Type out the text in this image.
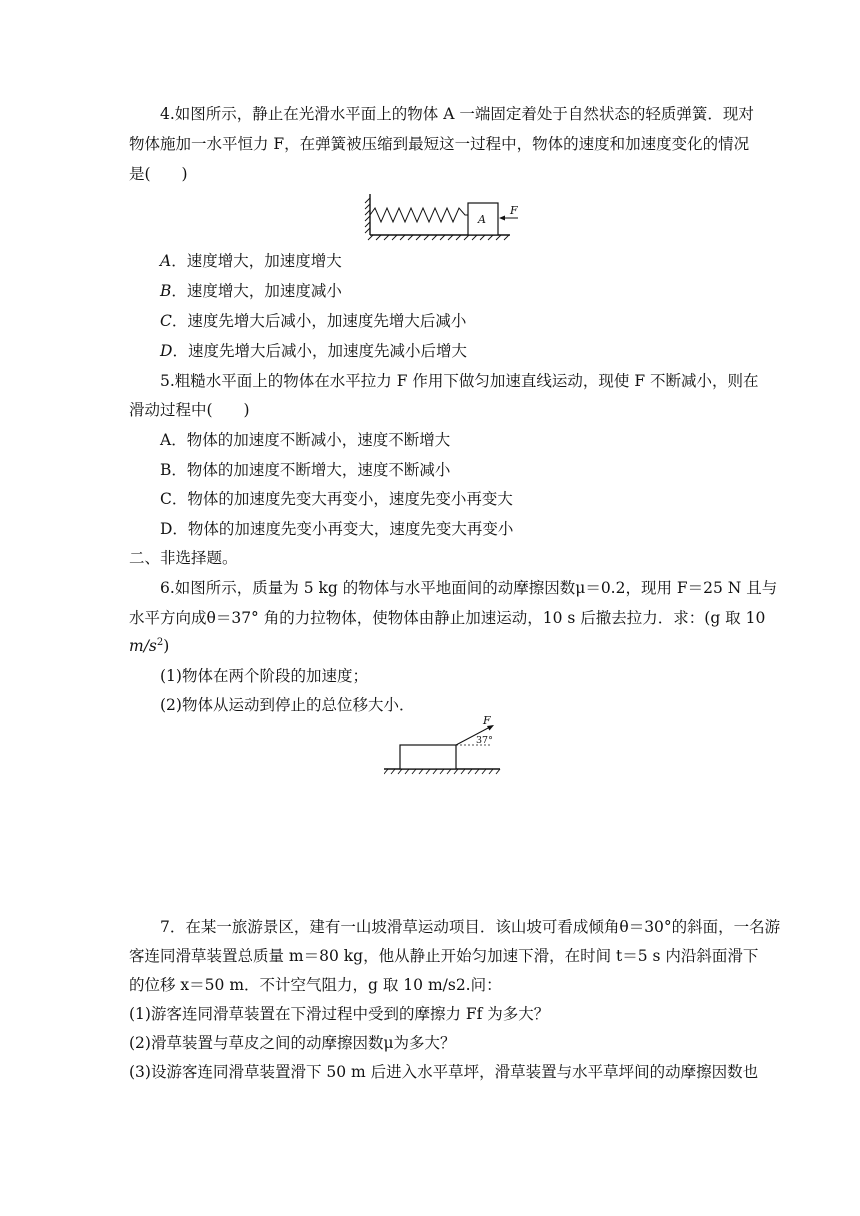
4.如图所示，静止在光滑水平面上的物体 A 一端固定着处于自然状态的轻质弹簧．现对
物体施加一水平恒力 F，在弹簧被压缩到最短这一过程中，物体的速度和加速度变化的情况
是(　　)
A
F
A．速度增大，加速度增大
B．速度增大，加速度减小
C．速度先增大后减小，加速度先增大后减小
D．速度先增大后减小，加速度先减小后增大
5.粗糙水平面上的物体在水平拉力 F 作用下做匀加速直线运动，现使 F 不断减小，则在
滑动过程中(　　)
A．物体的加速度不断减小，速度不断增大
B．物体的加速度不断增大，速度不断减小
C．物体的加速度先变大再变小，速度先变小再变大
D．物体的加速度先变小再变大，速度先变大再变小
二、非选择题。
6.如图所示，质量为 5 kg 的物体与水平地面间的动摩擦因数μ＝0.2，现用 F＝25 N 且与
水平方向成θ＝37° 角的力拉物体，使物体由静止加速运动，10 s 后撤去拉力．求：(g 取 10
$m/s^2$)
(1)物体在两个阶段的加速度；
(2)物体从运动到停止的总位移大小．
F
37°
7．在某一旅游景区，建有一山坡滑草运动项目．该山坡可看成倾角θ＝30°的斜面，一名游
客连同滑草装置总质量 m＝80 kg，他从静止开始匀加速下滑，在时间 t＝5 s 内沿斜面滑下
的位移 x＝50 m．不计空气阻力，g 取 10 m/s2.问：
(1)游客连同滑草装置在下滑过程中受到的摩擦力 Ff 为多大？
(2)滑草装置与草皮之间的动摩擦因数μ为多大？
(3)设游客连同滑草装置滑下 50 m 后进入水平草坪，滑草装置与水平草坪间的动摩擦因数也
